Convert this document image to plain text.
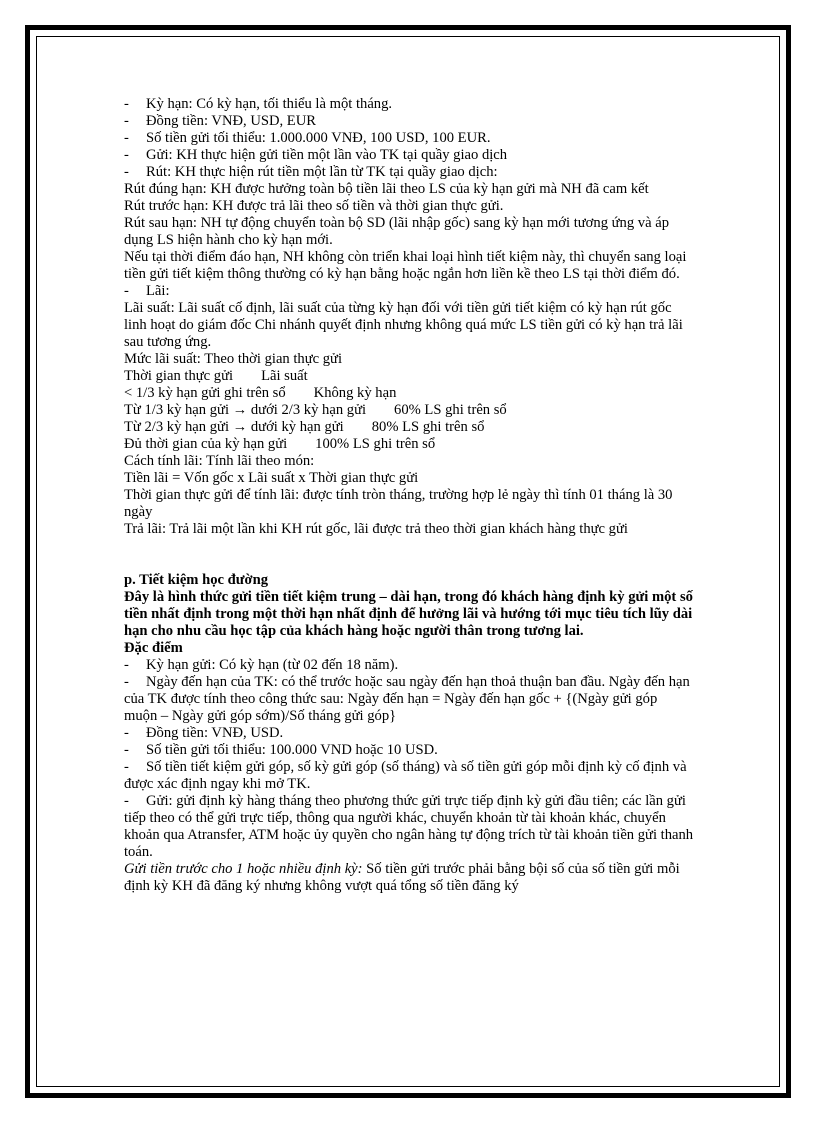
- Kỳ hạn: Có kỳ hạn, tối thiểu là một tháng.
- Đồng tiền: VNĐ, USD, EUR
- Số tiền gửi tối thiểu: 1.000.000 VNĐ, 100 USD, 100 EUR.
- Gửi: KH thực hiện gửi tiền một lần vào TK tại quầy giao dịch
- Rút: KH thực hiện rút tiền một lần từ TK tại quầy giao dịch:
Rút đúng hạn: KH được hưởng toàn bộ tiền lãi theo LS của kỳ hạn gửi mà NH đã cam kết
Rút trước hạn: KH được trả lãi theo số tiền và thời gian thực gửi.
Rút sau hạn: NH tự động chuyển toàn bộ SD (lãi nhập gốc) sang kỳ hạn mới tương ứng và áp dụng LS hiện hành cho kỳ hạn mới.
Nếu tại thời điểm đáo hạn, NH không còn triển khai loại hình tiết kiệm này, thì chuyển sang loại tiền gửi tiết kiệm thông thường có kỳ hạn bằng hoặc ngắn hơn liền kề theo LS tại thời điểm đó.
- Lãi:
Lãi suất: Lãi suất cố định, lãi suất của từng kỳ hạn đối với tiền gửi tiết kiệm có kỳ hạn rút gốc linh hoạt do giám đốc Chi nhánh quyết định nhưng không quá mức LS tiền gửi có kỳ hạn trả lãi sau tương ứng.
Mức lãi suất: Theo thời gian thực gửi
Thời gian thực gửi Lãi suất
< 1/3 kỳ hạn gửi ghi trên sổ Không kỳ hạn
Từ 1/3 kỳ hạn gửi → dưới 2/3 kỳ hạn gửi 60% LS ghi trên sổ
Từ 2/3 kỳ hạn gửi → dưới kỳ hạn gửi 80% LS ghi trên sổ
Đủ thời gian của kỳ hạn gửi 100% LS ghi trên sổ
Cách tính lãi: Tính lãi theo món:
Tiền lãi = Vốn gốc x Lãi suất x Thời gian thực gửi
Thời gian thực gửi để tính lãi: được tính tròn tháng, trường hợp lẻ ngày thì tính 01 tháng là 30 ngày
Trả lãi: Trả lãi một lần khi KH rút gốc, lãi được trả theo thời gian khách hàng thực gửi
p. Tiết kiệm học đường
Đây là hình thức gửi tiền tiết kiệm trung – dài hạn, trong đó khách hàng định kỳ gửi một số tiền nhất định trong một thời hạn nhất định để hưởng lãi và hướng tới mục tiêu tích lũy dài hạn cho nhu cầu học tập của khách hàng hoặc người thân trong tương lai.
Đặc điểm
- Kỳ hạn gửi: Có kỳ hạn (từ 02 đến 18 năm).
- Ngày đến hạn của TK: có thể trước hoặc sau ngày đến hạn thoả thuận ban đầu. Ngày đến hạn của TK được tính theo công thức sau: Ngày đến hạn = Ngày đến hạn gốc + {(Ngày gửi góp muộn – Ngày gửi góp sớm)/Số tháng gửi góp}
- Đồng tiền: VNĐ, USD.
- Số tiền gửi tối thiểu: 100.000 VND hoặc 10 USD.
- Số tiền tiết kiệm gửi góp, số kỳ gửi góp (số tháng) và số tiền gửi góp mỗi định kỳ cố định và được xác định ngay khi mở TK.
- Gửi: gửi định kỳ hàng tháng theo phương thức gửi trực tiếp định kỳ gửi đầu tiên; các lần gửi tiếp theo có thể gửi trực tiếp, thông qua người khác, chuyển khoản từ tài khoản khác, chuyển khoản qua Atransfer, ATM hoặc ủy quyền cho ngân hàng tự động trích từ tài khoản tiền gửi thanh toán.
Gửi tiền trước cho 1 hoặc nhiều định kỳ: Số tiền gửi trước phải bằng bội số của số tiền gửi mỗi định kỳ KH đã đăng ký nhưng không vượt quá tổng số tiền đăng ký
